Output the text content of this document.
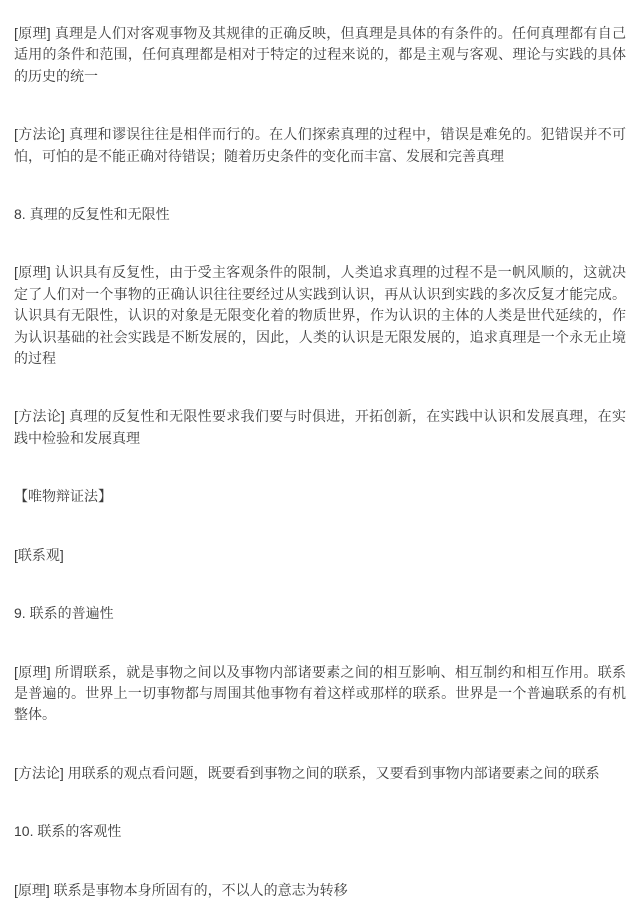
[原理] 真理是人们对客观事物及其规律的正确反映，但真理是具体的有条件的。任何真理都有自己适用的条件和范围，任何真理都是相对于特定的过程来说的，都是主观与客观、理论与实践的具体的历史的统一
[方法论] 真理和谬误往往是相伴而行的。在人们探索真理的过程中，错误是难免的。犯错误并不可怕，可怕的是不能正确对待错误；随着历史条件的变化而丰富、发展和完善真理
8. 真理的反复性和无限性
[原理] 认识具有反复性，由于受主客观条件的限制，人类追求真理的过程不是一帆风顺的，这就决定了人们对一个事物的正确认识往往要经过从实践到认识，再从认识到实践的多次反复才能完成。认识具有无限性，认识的对象是无限变化着的物质世界，作为认识的主体的人类是世代延续的，作为认识基础的社会实践是不断发展的，因此，人类的认识是无限发展的，追求真理是一个永无止境的过程
[方法论] 真理的反复性和无限性要求我们要与时俱进，开拓创新，在实践中认识和发展真理，在实践中检验和发展真理
【唯物辩证法】
[联系观]
9. 联系的普遍性
[原理] 所谓联系，就是事物之间以及事物内部诸要素之间的相互影响、相互制约和相互作用。联系是普遍的。世界上一切事物都与周围其他事物有着这样或那样的联系。世界是一个普遍联系的有机整体。
[方法论] 用联系的观点看问题，既要看到事物之间的联系，又要看到事物内部诸要素之间的联系
10. 联系的客观性
[原理] 联系是事物本身所固有的，不以人的意志为转移
